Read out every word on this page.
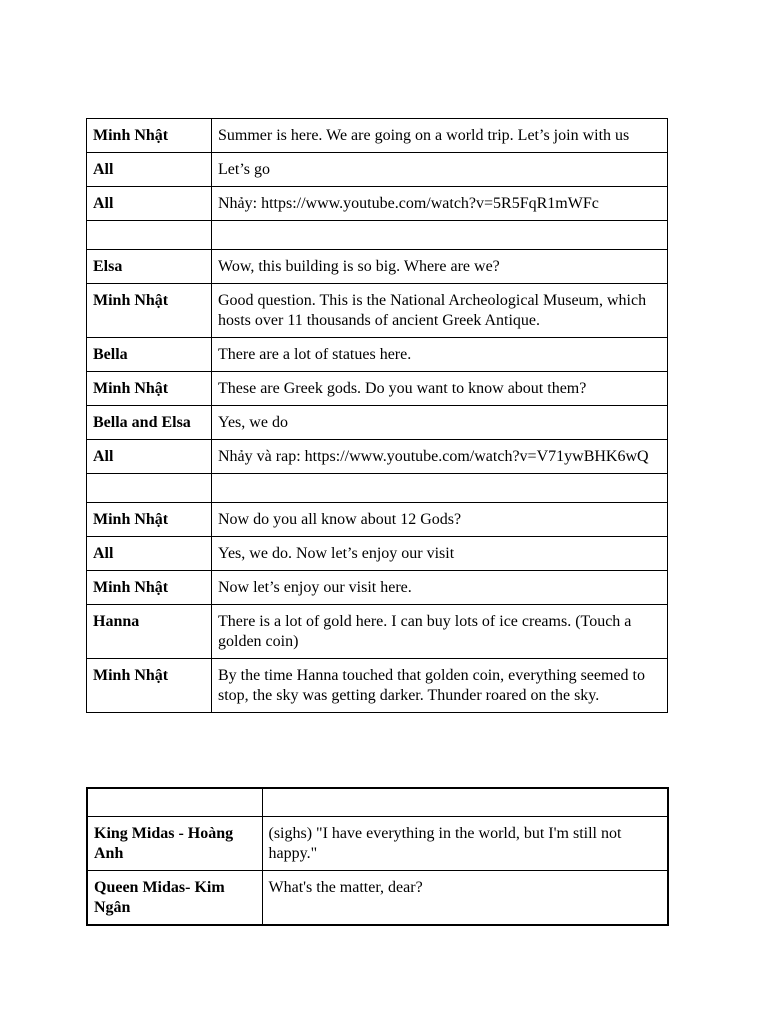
Minh Nhật	Summer is here. We are going on a world trip. Let’s join with us
All	Let’s go
All	Nhảy: https://www.youtube.com/watch?v=5R5FqR1mWFc

Elsa	Wow, this building is so big. Where are we?
Minh Nhật	Good question. This is the National Archeological Museum, which hosts over 11 thousands of ancient Greek Antique.
Bella	There are a lot of statues here.
Minh Nhật	These are Greek gods. Do you want to know about them?
Bella and Elsa	Yes, we do
All	Nhảy và rap: https://www.youtube.com/watch?v=V71ywBHK6wQ

Minh Nhật	Now do you all know about 12 Gods?
All	Yes, we do. Now let’s enjoy our visit
Minh Nhật	Now let’s enjoy our visit here.
Hanna	There is a lot of gold here. I can buy lots of ice creams. (Touch a golden coin)
Minh Nhật	By the time Hanna touched that golden coin, everything seemed to stop, the sky was getting darker. Thunder roared on the sky.

King Midas - Hoàng Anh	(sighs) "I have everything in the world, but I'm still not happy."
Queen Midas- Kim Ngân	What's the matter, dear?
